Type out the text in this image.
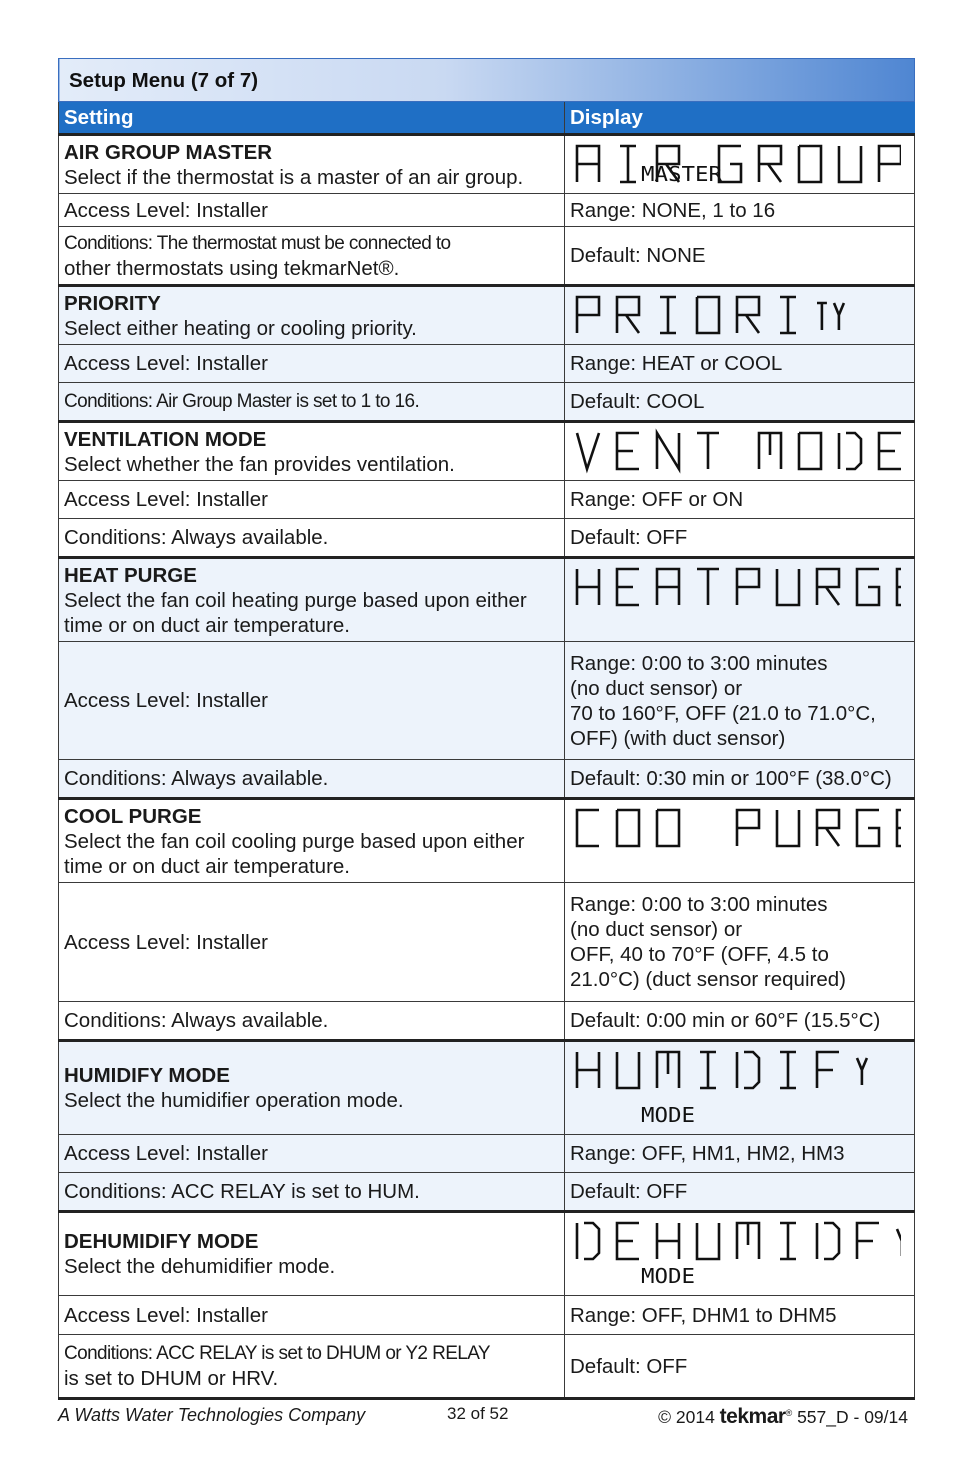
Setup Menu (7 of 7)	
Setting	Display

AIR GROUP MASTER
Select if the thermostat is a master of an air group.	MASTER

Access Level: Installer	Range: NONE, 1 to 16

Conditions: The thermostat must be connected to
other thermostats using tekmarNet®.	Default: NONE

PRIORITY
Select either heating or cooling priority.	

Access Level: Installer	Range: HEAT or COOL

Conditions: Air Group Master is set to 1 to 16.	Default: COOL

VENTILATION MODE
Select whether the fan provides ventilation.	

Access Level: Installer	Range: OFF or ON

Conditions: Always available.	Default: OFF

HEAT PURGE
Select the fan coil heating purge based upon either time or on duct air temperature.	

Access Level: Installer	Range: 0:00 to 3:00 minutes
(no duct sensor) or
70 to 160°F, OFF (21.0 to 71.0°C,
OFF) (with duct sensor)

Conditions: Always available.	Default: 0:30 min or 100°F (38.0°C)

COOL PURGE
Select the fan coil cooling purge based upon either time or on duct air temperature.	

Access Level: Installer	Range: 0:00 to 3:00 minutes
(no duct sensor) or
OFF, 40 to 70°F (OFF, 4.5 to
21.0°C) (duct sensor required)

Conditions: Always available.	Default: 0:00 min or 60°F (15.5°C)

HUMIDIFY MODE
Select the humidifier operation mode.	MODE

Access Level: Installer	Range: OFF, HM1, HM2, HM3

Conditions: ACC RELAY is set to HUM.	Default: OFF

DEHUMIDIFY MODE
Select the dehumidifier mode.	MODE

Access Level: Installer	Range: OFF, DHM1 to DHM5

Conditions: ACC RELAY is set to DHUM or Y2 RELAY
is set to DHUM or HRV.	Default: OFF
A Watts Water Technologies Company	32 of 52	© 2014 tekmar® 557_D - 09/14
